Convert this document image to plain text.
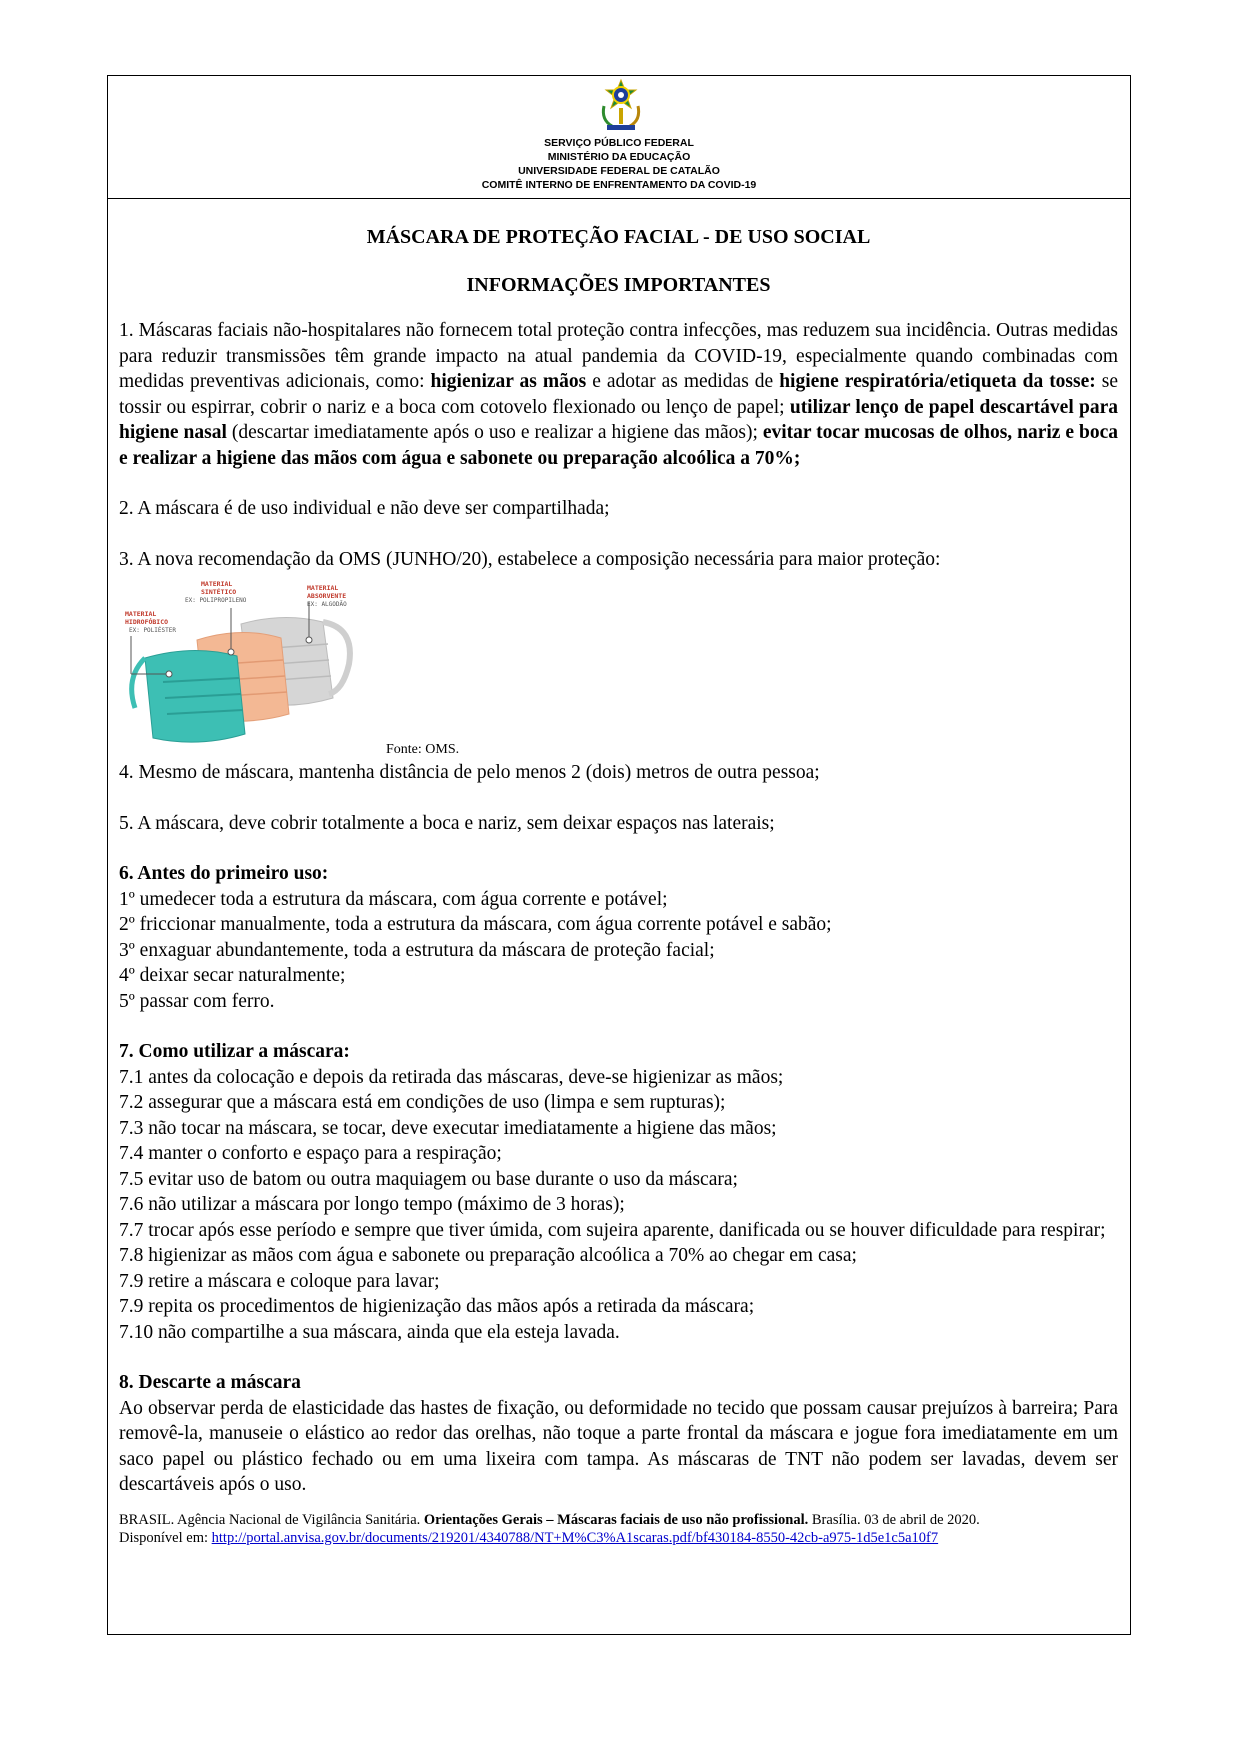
SERVIÇO PÚBLICO FEDERAL
MINISTÉRIO DA EDUCAÇÃO
UNIVERSIDADE FEDERAL DE CATALÃO
COMITÊ INTERNO DE ENFRENTAMENTO DA COVID-19
MÁSCARA DE PROTEÇÃO FACIAL - DE USO SOCIAL
INFORMAÇÕES IMPORTANTES

1. Máscaras faciais não-hospitalares não fornecem total proteção contra infecções, mas reduzem sua incidência. Outras medidas para reduzir transmissões têm grande impacto na atual pandemia da COVID-19, especialmente quando combinadas com medidas preventivas adicionais, como: higienizar as mãos e adotar as medidas de higiene respiratória/etiqueta da tosse: se tossir ou espirrar, cobrir o nariz e a boca com cotovelo flexionado ou lenço de papel; utilizar lenço de papel descartável para higiene nasal (descartar imediatamente após o uso e realizar a higiene das mãos); evitar tocar mucosas de olhos, nariz e boca e realizar a higiene das mãos com água e sabonete ou preparação alcoólica a 70%;

2. A máscara é de uso individual e não deve ser compartilhada;

3. A nova recomendação da OMS (JUNHO/20), estabelece a composição necessária para maior proteção:

MATERIAL
HIDROFÓBICO
EX: POLIÉSTER
MATERIAL
SINTÉTICO
EX: POLIPROPILENO
MATERIAL
ABSORVENTE
EX: ALGODÃO
Fonte: OMS.

4. Mesmo de máscara, mantenha distância de pelo menos 2 (dois) metros de outra pessoa;

5. A máscara, deve cobrir totalmente a boca e nariz, sem deixar espaços nas laterais;

6. Antes do primeiro uso:

1º umedecer toda a estrutura da máscara, com água corrente e potável;

2º friccionar manualmente, toda a estrutura da máscara, com água corrente potável e sabão;

3º enxaguar abundantemente, toda a estrutura da máscara de proteção facial;

4º deixar secar naturalmente;

5º passar com ferro.

7. Como utilizar a máscara:

7.1 antes da colocação e depois da retirada das máscaras, deve-se higienizar as mãos;

7.2 assegurar que a máscara está em condições de uso (limpa e sem rupturas);

7.3 não tocar na máscara, se tocar, deve executar imediatamente a higiene das mãos;

7.4 manter o conforto e espaço para a respiração;

7.5 evitar uso de batom ou outra maquiagem ou base durante o uso da máscara;

7.6 não utilizar a máscara por longo tempo (máximo de 3 horas);

7.7 trocar após esse período e sempre que tiver úmida, com sujeira aparente, danificada ou se houver dificuldade para respirar;

7.8 higienizar as mãos com água e sabonete ou preparação alcoólica a 70% ao chegar em casa;

7.9 retire a máscara e coloque para lavar;

7.9 repita os procedimentos de higienização das mãos após a retirada da máscara;

7.10 não compartilhe a sua máscara, ainda que ela esteja lavada.

8. Descarte a máscara

Ao observar perda de elasticidade das hastes de fixação, ou deformidade no tecido que possam causar prejuízos à barreira; Para removê-la, manuseie o elástico ao redor das orelhas, não toque a parte frontal da máscara e jogue fora imediatamente em um saco papel ou plástico fechado ou em uma lixeira com tampa. As máscaras de TNT não podem ser lavadas, devem ser descartáveis após o uso.

BRASIL. Agência Nacional de Vigilância Sanitária. Orientações Gerais – Máscaras faciais de uso não profissional. Brasília. 03 de abril de 2020.
Disponível em: http://portal.anvisa.gov.br/documents/219201/4340788/NT+M%C3%A1scaras.pdf/bf430184-8550-42cb-a975-1d5e1c5a10f7
